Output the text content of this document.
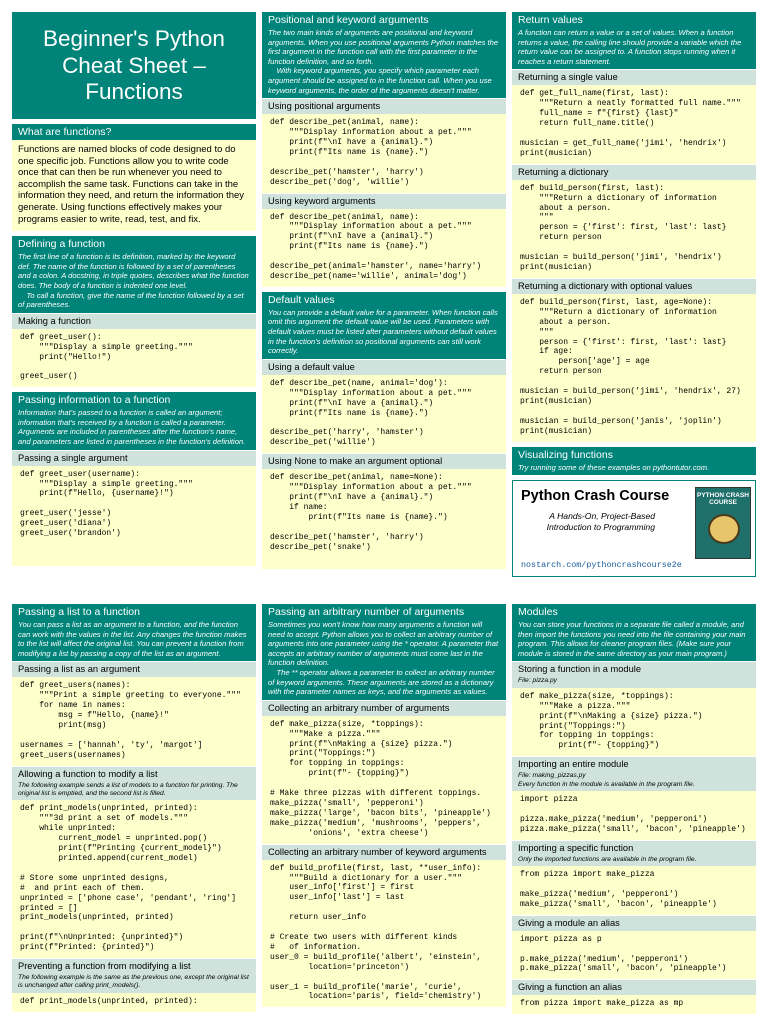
Beginner's Python Cheat Sheet – Functions
What are functions?
Functions are named blocks of code designed to do one specific job. Functions allow you to write code once that can then be run whenever you need to accomplish the same task. Functions can take in the information they need, and return the information they generate. Using functions effectively makes your programs easier to write, read, test, and fix.
Defining a function
The first line of a function is its definition, marked by the keyword def. The name of the function is followed by a set of parentheses and a colon. A docstring, in triple quotes, describes what the function does. The body of a function is indented one level.
To call a function, give the name of the function followed by a set of parentheses.
Making a function
def greet_user():
"""Display a simple greeting."""
print("Hello!")

greet_user()
Passing information to a function
Information that's passed to a function is called an argument; information that's received by a function is called a parameter. Arguments are included in parentheses after the function's name, and parameters are listed in parentheses in the function's definition.
Passing a single argument
def greet_user(username):
"""Display a simple greeting."""
print(f"Hello, {username}!")

greet_user('jesse')
greet_user('diana')
greet_user('brandon')
Positional and keyword arguments
The two main kinds of arguments are positional and keyword arguments. When you use positional arguments Python matches the first argument in the function call with the first parameter in the function definition, and so forth.
With keyword arguments, you specify which parameter each argument should be assigned to in the function call. When you use keyword arguments, the order of the arguments doesn't matter.
Using positional arguments
def describe_pet(animal, name):
"""Display information about a pet."""
print(f"\nI have a {animal}.")
print(f"Its name is {name}.")

describe_pet('hamster', 'harry')
describe_pet('dog', 'willie')
Using keyword arguments
def describe_pet(animal, name):
"""Display information about a pet."""
print(f"\nI have a {animal}.")
print(f"Its name is {name}.")

describe_pet(animal='hamster', name='harry')
describe_pet(name='willie', animal='dog')
Default values
You can provide a default value for a parameter. When function calls omit this argument the default value will be used. Parameters with default values must be listed after parameters without default values in the function's definition so positional arguments can still work correctly.
Using a default value
def describe_pet(name, animal='dog'):
"""Display information about a pet."""
print(f"\nI have a {animal}.")
print(f"Its name is {name}.")

describe_pet('harry', 'hamster')
describe_pet('willie')
Using None to make an argument optional
def describe_pet(animal, name=None):
"""Display information about a pet."""
print(f"\nI have a {animal}.")
if name:
print(f"Its name is {name}.")

describe_pet('hamster', 'harry')
describe_pet('snake')
Return values
A function can return a value or a set of values. When a function returns a value, the calling line should provide a variable which the return value can be assigned to. A function stops running when it reaches a return statement.
Returning a single value
def get_full_name(first, last):
"""Return a neatly formatted full name."""
full_name = f"{first} {last}"
return full_name.title()

musician = get_full_name('jimi', 'hendrix')
print(musician)
Returning a dictionary
def build_person(first, last):
"""Return a dictionary of information
about a person.
"""
person = {'first': first, 'last': last}
return person

musician = build_person('jimi', 'hendrix')
print(musician)
Returning a dictionary with optional values
def build_person(first, last, age=None):
"""Return a dictionary of information
about a person.
"""
person = {'first': first, 'last': last}
if age:
person['age'] = age
return person

musician = build_person('jimi', 'hendrix', 27)
print(musician)

musician = build_person('janis', 'joplin')
print(musician)
Visualizing functions
Try running some of these examples on pythontutor.com.
Python Crash Course
A Hands-On, Project-Based Introduction to Programming
nostarch.com/pythoncrashcourse2e
PYTHON CRASH COURSE
Passing a list to a function
You can pass a list as an argument to a function, and the function can work with the values in the list. Any changes the function makes to the list will affect the original list. You can prevent a function from modifying a list by passing a copy of the list as an argument.
Passing a list as an argument
def greet_users(names):
"""Print a simple greeting to everyone."""
for name in names:
msg = f"Hello, {name}!"
print(msg)

usernames = ['hannah', 'ty', 'margot']
greet_users(usernames)
Allowing a function to modify a list
The following example sends a list of models to a function for printing. The original list is emptied, and the second list is filled.
def print_models(unprinted, printed):
"""3d print a set of models."""
while unprinted:
current_model = unprinted.pop()
print(f"Printing {current_model}")
printed.append(current_model)

# Store some unprinted designs,
#  and print each of them.
unprinted = ['phone case', 'pendant', 'ring']
printed = []
print_models(unprinted, printed)

print(f"\nUnprinted: {unprinted}")
print(f"Printed: {printed}")
Preventing a function from modifying a list
The following example is the same as the previous one, except the original list is unchanged after calling print_models().
def print_models(unprinted, printed):
Passing an arbitrary number of arguments
Sometimes you won't know how many arguments a function will need to accept. Python allows you to collect an arbitrary number of arguments into one parameter using the * operator. A parameter that accepts an arbitrary number of arguments must come last in the function definition.
The ** operator allows a parameter to collect an arbitrary number of keyword arguments. These arguments are stored as a dictionary with the parameter names as keys, and the arguments as values.
Collecting an arbitrary number of arguments
def make_pizza(size, *toppings):
"""Make a pizza."""
print(f"\nMaking a {size} pizza.")
print("Toppings:")
for topping in toppings:
print(f"- {topping}")

# Make three pizzas with different toppings.
make_pizza('small', 'pepperoni')
make_pizza('large', 'bacon bits', 'pineapple')
make_pizza('medium', 'mushrooms', 'peppers',
'onions', 'extra cheese')
Collecting an arbitrary number of keyword arguments
def build_profile(first, last, **user_info):
"""Build a dictionary for a user."""
user_info['first'] = first
user_info['last'] = last

return user_info

# Create two users with different kinds
#   of information.
user_0 = build_profile('albert', 'einstein',
location='princeton')

user_1 = build_profile('marie', 'curie',
location='paris', field='chemistry')
Modules
You can store your functions in a separate file called a module, and then import the functions you need into the file containing your main program. This allows for cleaner program files. (Make sure your module is stored in the same directory as your main program.)
Storing a function in a module
File: pizza.py
def make_pizza(size, *toppings):
"""Make a pizza."""
print(f"\nMaking a {size} pizza.")
print("Toppings:")
for topping in toppings:
print(f"- {topping}")
Importing an entire module
File: making_pizzas.py
Every function in the module is available in the program file.
import pizza

pizza.make_pizza('medium', 'pepperoni')
pizza.make_pizza('small', 'bacon', 'pineapple')
Importing a specific function
Only the imported functions are available in the program file.
from pizza import make_pizza

make_pizza('medium', 'pepperoni')
make_pizza('small', 'bacon', 'pineapple')
Giving a module an alias
import pizza as p

p.make_pizza('medium', 'pepperoni')
p.make_pizza('small', 'bacon', 'pineapple')
Giving a function an alias
from pizza import make_pizza as mp
